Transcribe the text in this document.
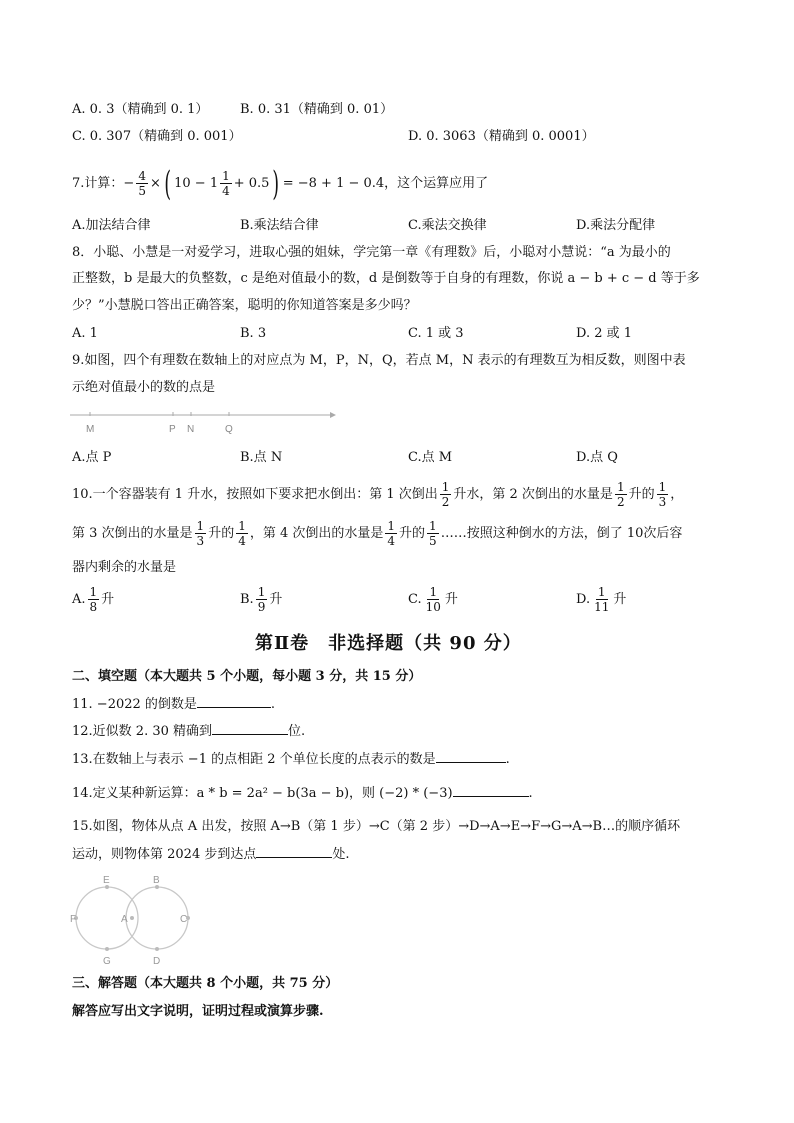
A. 0. 3（精确到 0. 1） B. 0. 31（精确到 0. 01）
C. 0. 307（精确到 0. 001）	D. 0. 3063（精确到 0. 0001）
7.计算：− $\frac{4}{5}$ ×( $10 - 1 \frac{1}{4} + 0.5) = -8 + 1 - 0.4$，这个运算应用了
A.加法结合律	B.乘法结合律	C.乘法交换律	D.乘法分配律
8．小聪、小慧是一对爱学习，进取心强的姐妹，学完第一章《有理数》后，小聪对小慧说：“a 为最小的
正整数，b 是最大的负整数，c 是绝对值最小的数，d 是倒数等于自身的有理数，你说 a − b + c − d 等于多
少？”小慧脱口答出正确答案，聪明的你知道答案是多少吗？
A. 1	B. 3	C. 1 或 3	D. 2 或 1
9.如图，四个有理数在数轴上的对应点为 M，P，N，Q，若点 M，N 表示的有理数互为相反数，则图中表
示绝对值最小的数的点是
M	P N	Q
A.点 P	B.点 N	C.点 M	D.点 Q
10.一个容器装有 1 升水，按照如下要求把水倒出：第 1 次倒出 $\frac{1}{2}$ 升水，第 2 次倒出的水量是 $\frac{1}{2}$ 升的 $\frac{1}{3}$ ，
第 3 次倒出的水量是 $\frac{1}{3}$ 升的 $\frac{1}{4}$ ，第 4 次倒出的水量是 $\frac{1}{4}$ 升的 $\frac{1}{5}$ ……按照这种倒水的方法，倒了 10次后容
器内剩余的水量是
A. $\frac{1}{8}$ 升	B. $\frac{1}{9}$ 升	C. $\frac{1}{10}$ 升	D. $\frac{1}{11}$ 升
第Ⅱ卷　非选择题（共 90 分）
二、填空题（本大题共 5 个小题，每小题 3 分，共 15 分）
11. −2022 的倒数是	.
12.近似数 2. 30 精确到	位.
13.在数轴上与表示 −1 的点相距 2 个单位长度的点表示的数是	.
14.定义某种新运算：a * b = 2a² − b(3a − b)，则 (−2) * (−3)	.
15.如图，物体从点 A 出发，按照 A→B（第 1 步）→C（第 2 步）→D→A→E→F→G→A→B…的顺序循环
运动，则物体第 2024 步到达点	处.
E	B
F	A	C
G	D
三、解答题（本大题共 8 个小题，共 75 分）
解答应写出文字说明，证明过程或演算步骤.
